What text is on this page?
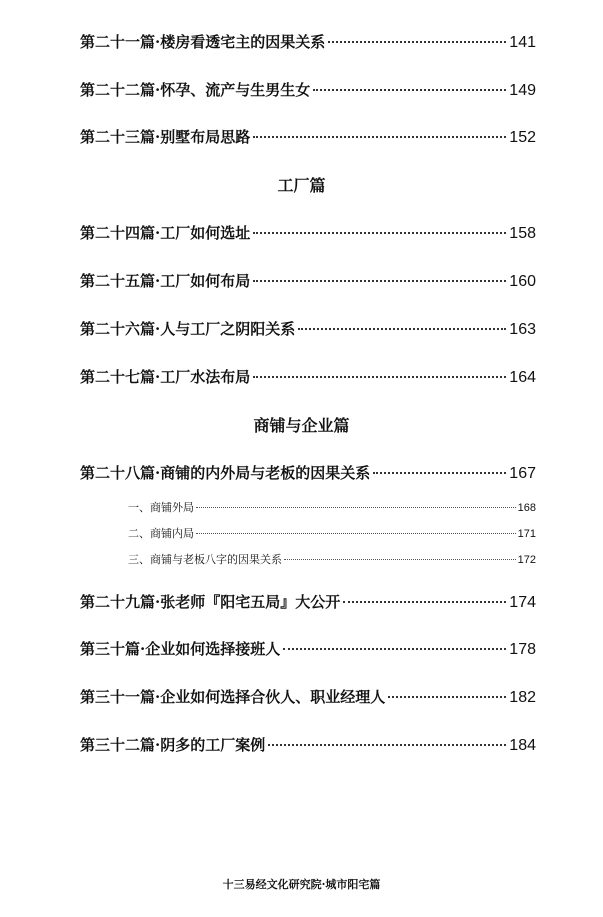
第二十一篇·楼房看透宅主的因果关系	141
第二十二篇·怀孕、流产与生男生女	149
第二十三篇·别墅布局思路	152
工厂篇
第二十四篇·工厂如何选址	158
第二十五篇·工厂如何布局	160
第二十六篇·人与工厂之阴阳关系	163
第二十七篇·工厂水法布局	164
商铺与企业篇
第二十八篇·商铺的内外局与老板的因果关系	167
一、商铺外局	168
二、商铺内局	171
三、商铺与老板八字的因果关系	172
第二十九篇·张老师『阳宅五局』大公开	174
第三十篇·企业如何选择接班人	178
第三十一篇·企业如何选择合伙人、职业经理人	182
第三十二篇·阴多的工厂案例	184
十三易经文化研究院·城市阳宅篇
